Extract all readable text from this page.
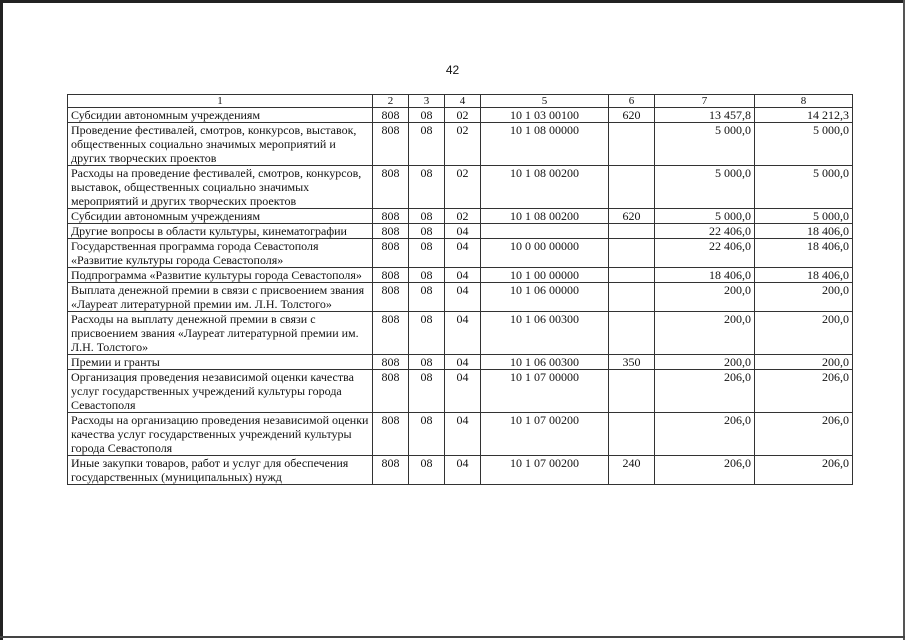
42
1	2	3	4	5	6	7	8
Субсидии автономным учреждениям	808	08	02	10 1 03 00100	620	13 457,8	14 212,3
Проведение фестивалей, смотров, конкурсов, выставок, общественных социально значимых мероприятий и других творческих проектов	808	08	02	10 1 08 00000		5 000,0	5 000,0
Расходы на проведение фестивалей, смотров, конкурсов, выставок, общественных социально значимых мероприятий и других творческих проектов	808	08	02	10 1 08 00200		5 000,0	5 000,0
Субсидии автономным учреждениям	808	08	02	10 1 08 00200	620	5 000,0	5 000,0
Другие вопросы в области культуры, кинематографии	808	08	04			22 406,0	18 406,0
Государственная программа города Севастополя «Развитие культуры города Севастополя»	808	08	04	10 0 00 00000		22 406,0	18 406,0
Подпрограмма «Развитие культуры города Севастополя»	808	08	04	10 1 00 00000		18 406,0	18 406,0
Выплата денежной премии в связи с присвоением звания «Лауреат литературной премии им. Л.Н. Толстого»	808	08	04	10 1 06 00000		200,0	200,0
Расходы на выплату денежной премии в связи с присвоением звания «Лауреат литературной премии им. Л.Н. Толстого»	808	08	04	10 1 06 00300		200,0	200,0
Премии и гранты	808	08	04	10 1 06 00300	350	200,0	200,0
Организация проведения независимой оценки качества услуг государственных учреждений культуры города Севастополя	808	08	04	10 1 07 00000		206,0	206,0
Расходы на организацию проведения независимой оценки качества услуг государственных учреждений культуры города Севастополя	808	08	04	10 1 07 00200		206,0	206,0
Иные закупки товаров, работ и услуг для обеспечения государственных (муниципальных) нужд	808	08	04	10 1 07 00200	240	206,0	206,0
